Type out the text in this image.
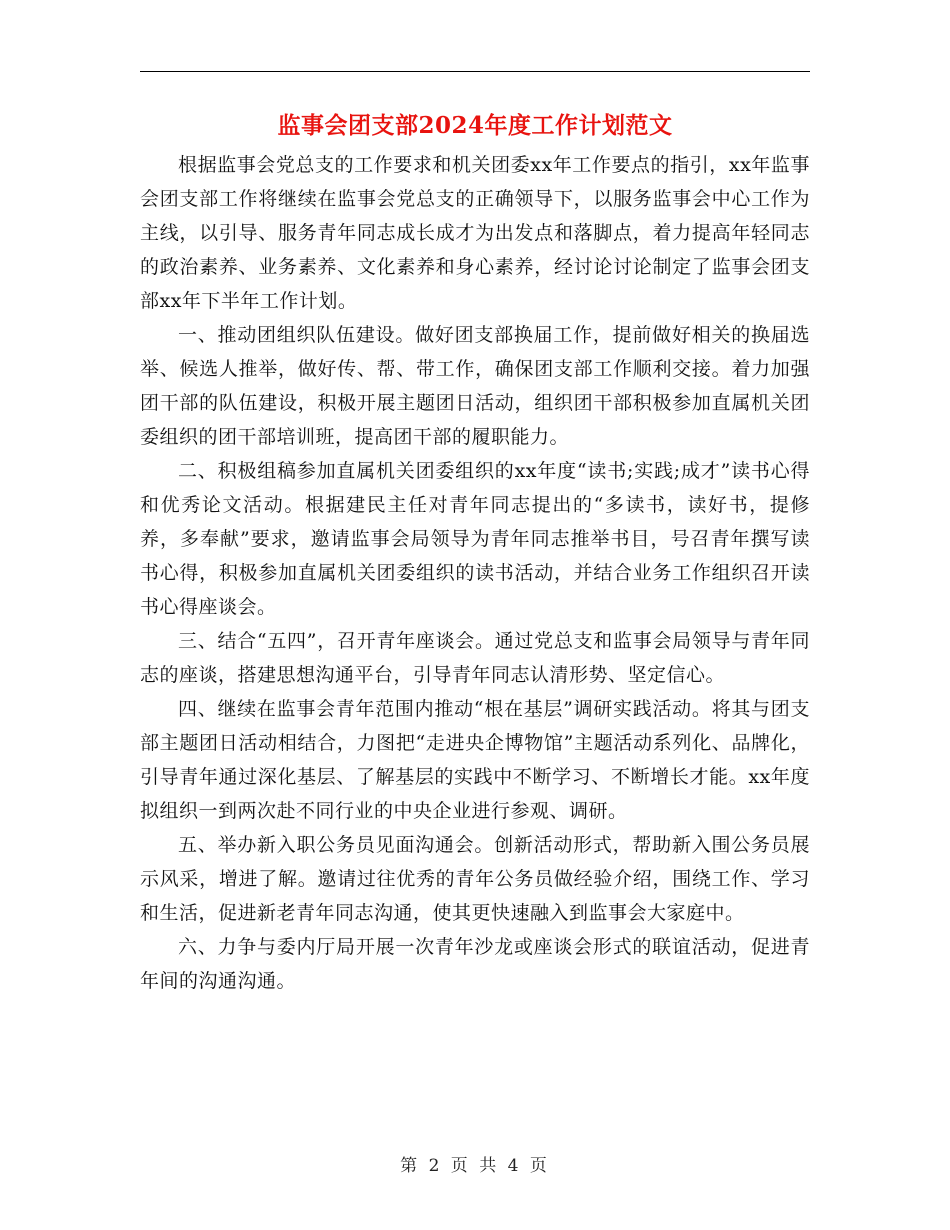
监事会团支部2024年度工作计划范文

根据监事会党总支的工作要求和机关团委xx年工作要点的指引，xx年监事会团支部工作将继续在监事会党总支的正确领导下，以服务监事会中心工作为主线，以引导、服务青年同志成长成才为出发点和落脚点，着力提高年轻同志的政治素养、业务素养、文化素养和身心素养，经讨论讨论制定了监事会团支部xx年下半年工作计划。

一、推动团组织队伍建设。做好团支部换届工作，提前做好相关的换届选举、候选人推举，做好传、帮、带工作，确保团支部工作顺利交接。着力加强团干部的队伍建设，积极开展主题团日活动，组织团干部积极参加直属机关团委组织的团干部培训班，提高团干部的履职能力。

二、积极组稿参加直属机关团委组织的xx年度“读书;实践;成才”读书心得和优秀论文活动。根据建民主任对青年同志提出的“多读书，读好书，提修养，多奉献”要求，邀请监事会局领导为青年同志推举书目，号召青年撰写读书心得，积极参加直属机关团委组织的读书活动，并结合业务工作组织召开读书心得座谈会。

三、结合“五四”，召开青年座谈会。通过党总支和监事会局领导与青年同志的座谈，搭建思想沟通平台，引导青年同志认清形势、坚定信心。

四、继续在监事会青年范围内推动“根在基层”调研实践活动。将其与团支部主题团日活动相结合，力图把“走进央企博物馆”主题活动系列化、品牌化，引导青年通过深化基层、了解基层的实践中不断学习、不断增长才能。xx年度拟组织一到两次赴不同行业的中央企业进行参观、调研。

五、举办新入职公务员见面沟通会。创新活动形式，帮助新入围公务员展示风采，增进了解。邀请过往优秀的青年公务员做经验介绍，围绕工作、学习和生活，促进新老青年同志沟通，使其更快速融入到监事会大家庭中。

六、力争与委内厅局开展一次青年沙龙或座谈会形式的联谊活动，促进青年间的沟通沟通。

第 2 页 共 4 页
